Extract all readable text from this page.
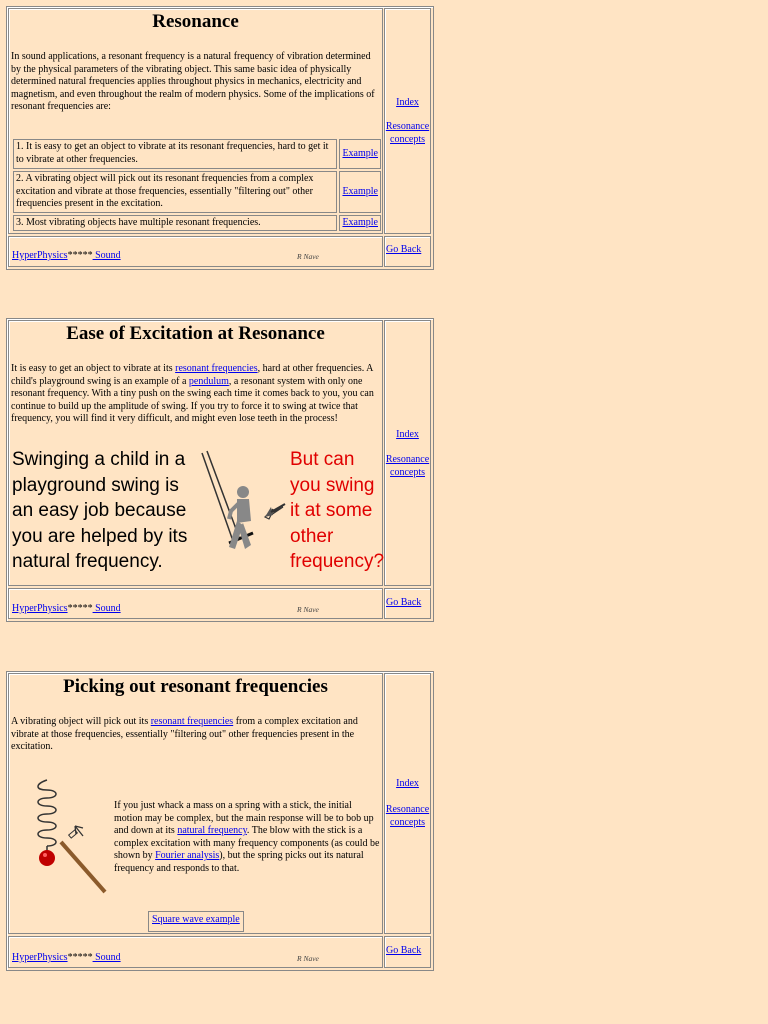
Resonance

In sound applications, a resonant frequency is a natural frequency of vibration determined by the physical parameters of the vibrating object. This same basic idea of physically determined natural frequencies applies throughout physics in mechanics, electricity and magnetism, and even throughout the realm of modern physics. Some of the implications of resonant frequencies are:

1. It is easy to get an object to vibrate at its resonant frequencies, hard to get it to vibrate at other frequencies.	Example
2. A vibrating object will pick out its resonant frequencies from a complex excitation and vibrate at those frequencies, essentially "filtering out" other frequencies present in the excitation.	Example
3. Most vibrating objects have multiple resonant frequencies.	Example
Index
Resonance concepts
HyperPhysics***** Sound	R Nave
Go Back
Ease of Excitation at Resonance

It is easy to get an object to vibrate at its resonant frequencies, hard at other frequencies. A child's playground swing is an example of a pendulum, a resonant system with only one resonant frequency. With a tiny push on the swing each time it comes back to you, you can continue to build up the amplitude of swing. If you try to force it to swing at twice that frequency, you will find it very difficult, and might even lose teeth in the process!

Swinging a child in a playground swing is an easy job because you are helped by its natural frequency.
But can you swing it at some other frequency?
Index
Resonance concepts
HyperPhysics***** Sound	R Nave
Go Back
Picking out resonant frequencies

A vibrating object will pick out its resonant frequencies from a complex excitation and vibrate at those frequencies, essentially "filtering out" other frequencies present in the excitation.

If you just whack a mass on a spring with a stick, the initial motion may be complex, but the main response will be to bob up and down at its natural frequency. The blow with the stick is a complex excitation with many frequency components (as could be shown by Fourier analysis), but the spring picks out its natural frequency and responds to that.

Square wave example
Index
Resonance concepts
HyperPhysics***** Sound	R Nave
Go Back
